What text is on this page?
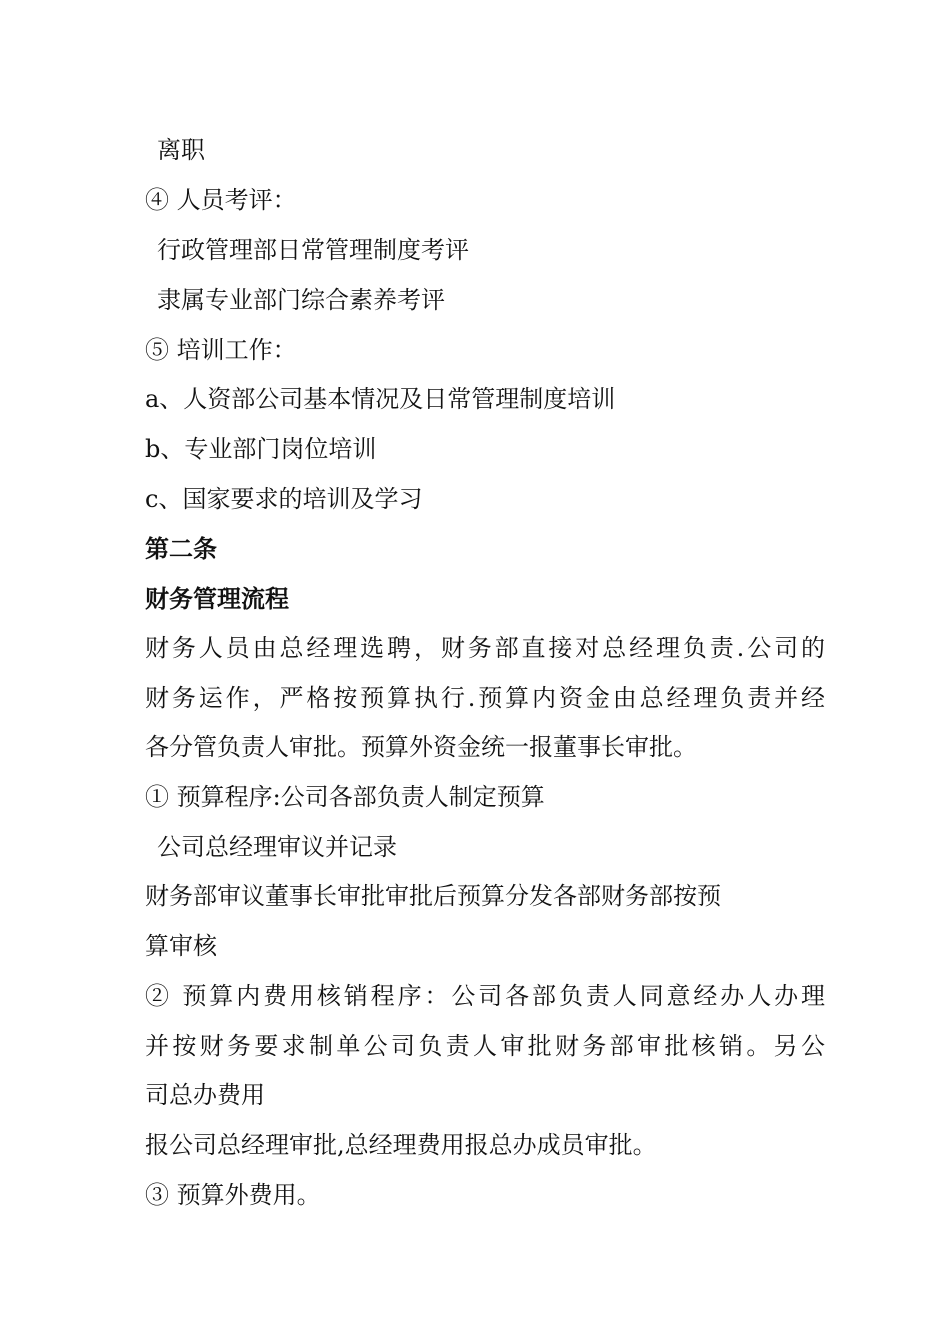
离职
④ 人员考评：
行政管理部日常管理制度考评
隶属专业部门综合素养考评
⑤ 培训工作：
a、人资部公司基本情况及日常管理制度培训
b、专业部门岗位培训
c、国家要求的培训及学习
第二条
财务管理流程
财务人员由总经理选聘，财务部直接对总经理负责.公司的
财务运作，严格按预算执行.预算内资金由总经理负责并经
各分管负责人审批。预算外资金统一报董事长审批。
① 预算程序:公司各部负责人制定预算
公司总经理审议并记录
财务部审议董事长审批审批后预算分发各部财务部按预
算审核
② 预算内费用核销程序：公司各部负责人同意经办人办理
并按财务要求制单公司负责人审批财务部审批核销。另公
司总办费用
报公司总经理审批,总经理费用报总办成员审批。
③ 预算外费用。
